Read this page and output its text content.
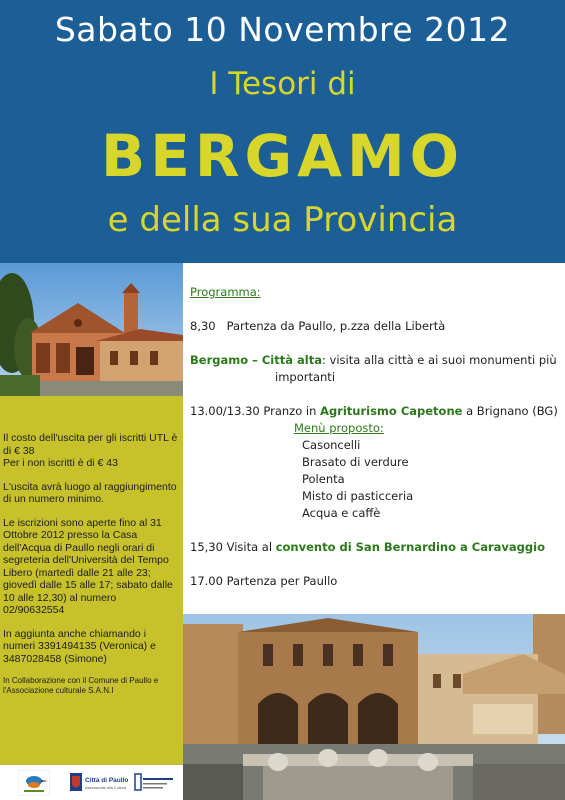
Sabato 10 Novembre 2012
I Tesori di
BERGAMO
e della sua Provincia

Il costo dell'uscita per gli iscritti UTL è di € 38
Per i non iscritti è di € 43

L'uscita avrà luogo al raggiungimento di un numero minimo.

Le iscrizioni sono aperte fino al 31 Ottobre 2012 presso la Casa dell'Acqua di Paullo negli orari di segreteria dell'Università del Tempo Libero (martedì dalle 21 alle 23; giovedì dalle 15 alle 17; sabato dalle 10 alle 12,30) al numero 02/90632554

In aggiunta anche chiamando i numeri 3391494135 (Veronica) e 3487028458 (Simone)

In Collaborazione con il Comune di Paullo e l'Associazione culturale S.A.N.I

Città di Paullo
Assessorato alla Cultura
Programma:
8,30   Partenza da Paullo, p.zza della Libertà
Bergamo – Città alta: visita alla città e ai suoi monumenti più
importanti
13.00/13.30 Pranzo in Agriturismo Capetone a Brignano (BG)
Menù proposto:
Casoncelli
Brasato di verdure
Polenta
Misto di pasticceria
Acqua e caffè
15,30 Visita al convento di San Bernardino a Caravaggio
17.00 Partenza per Paullo
